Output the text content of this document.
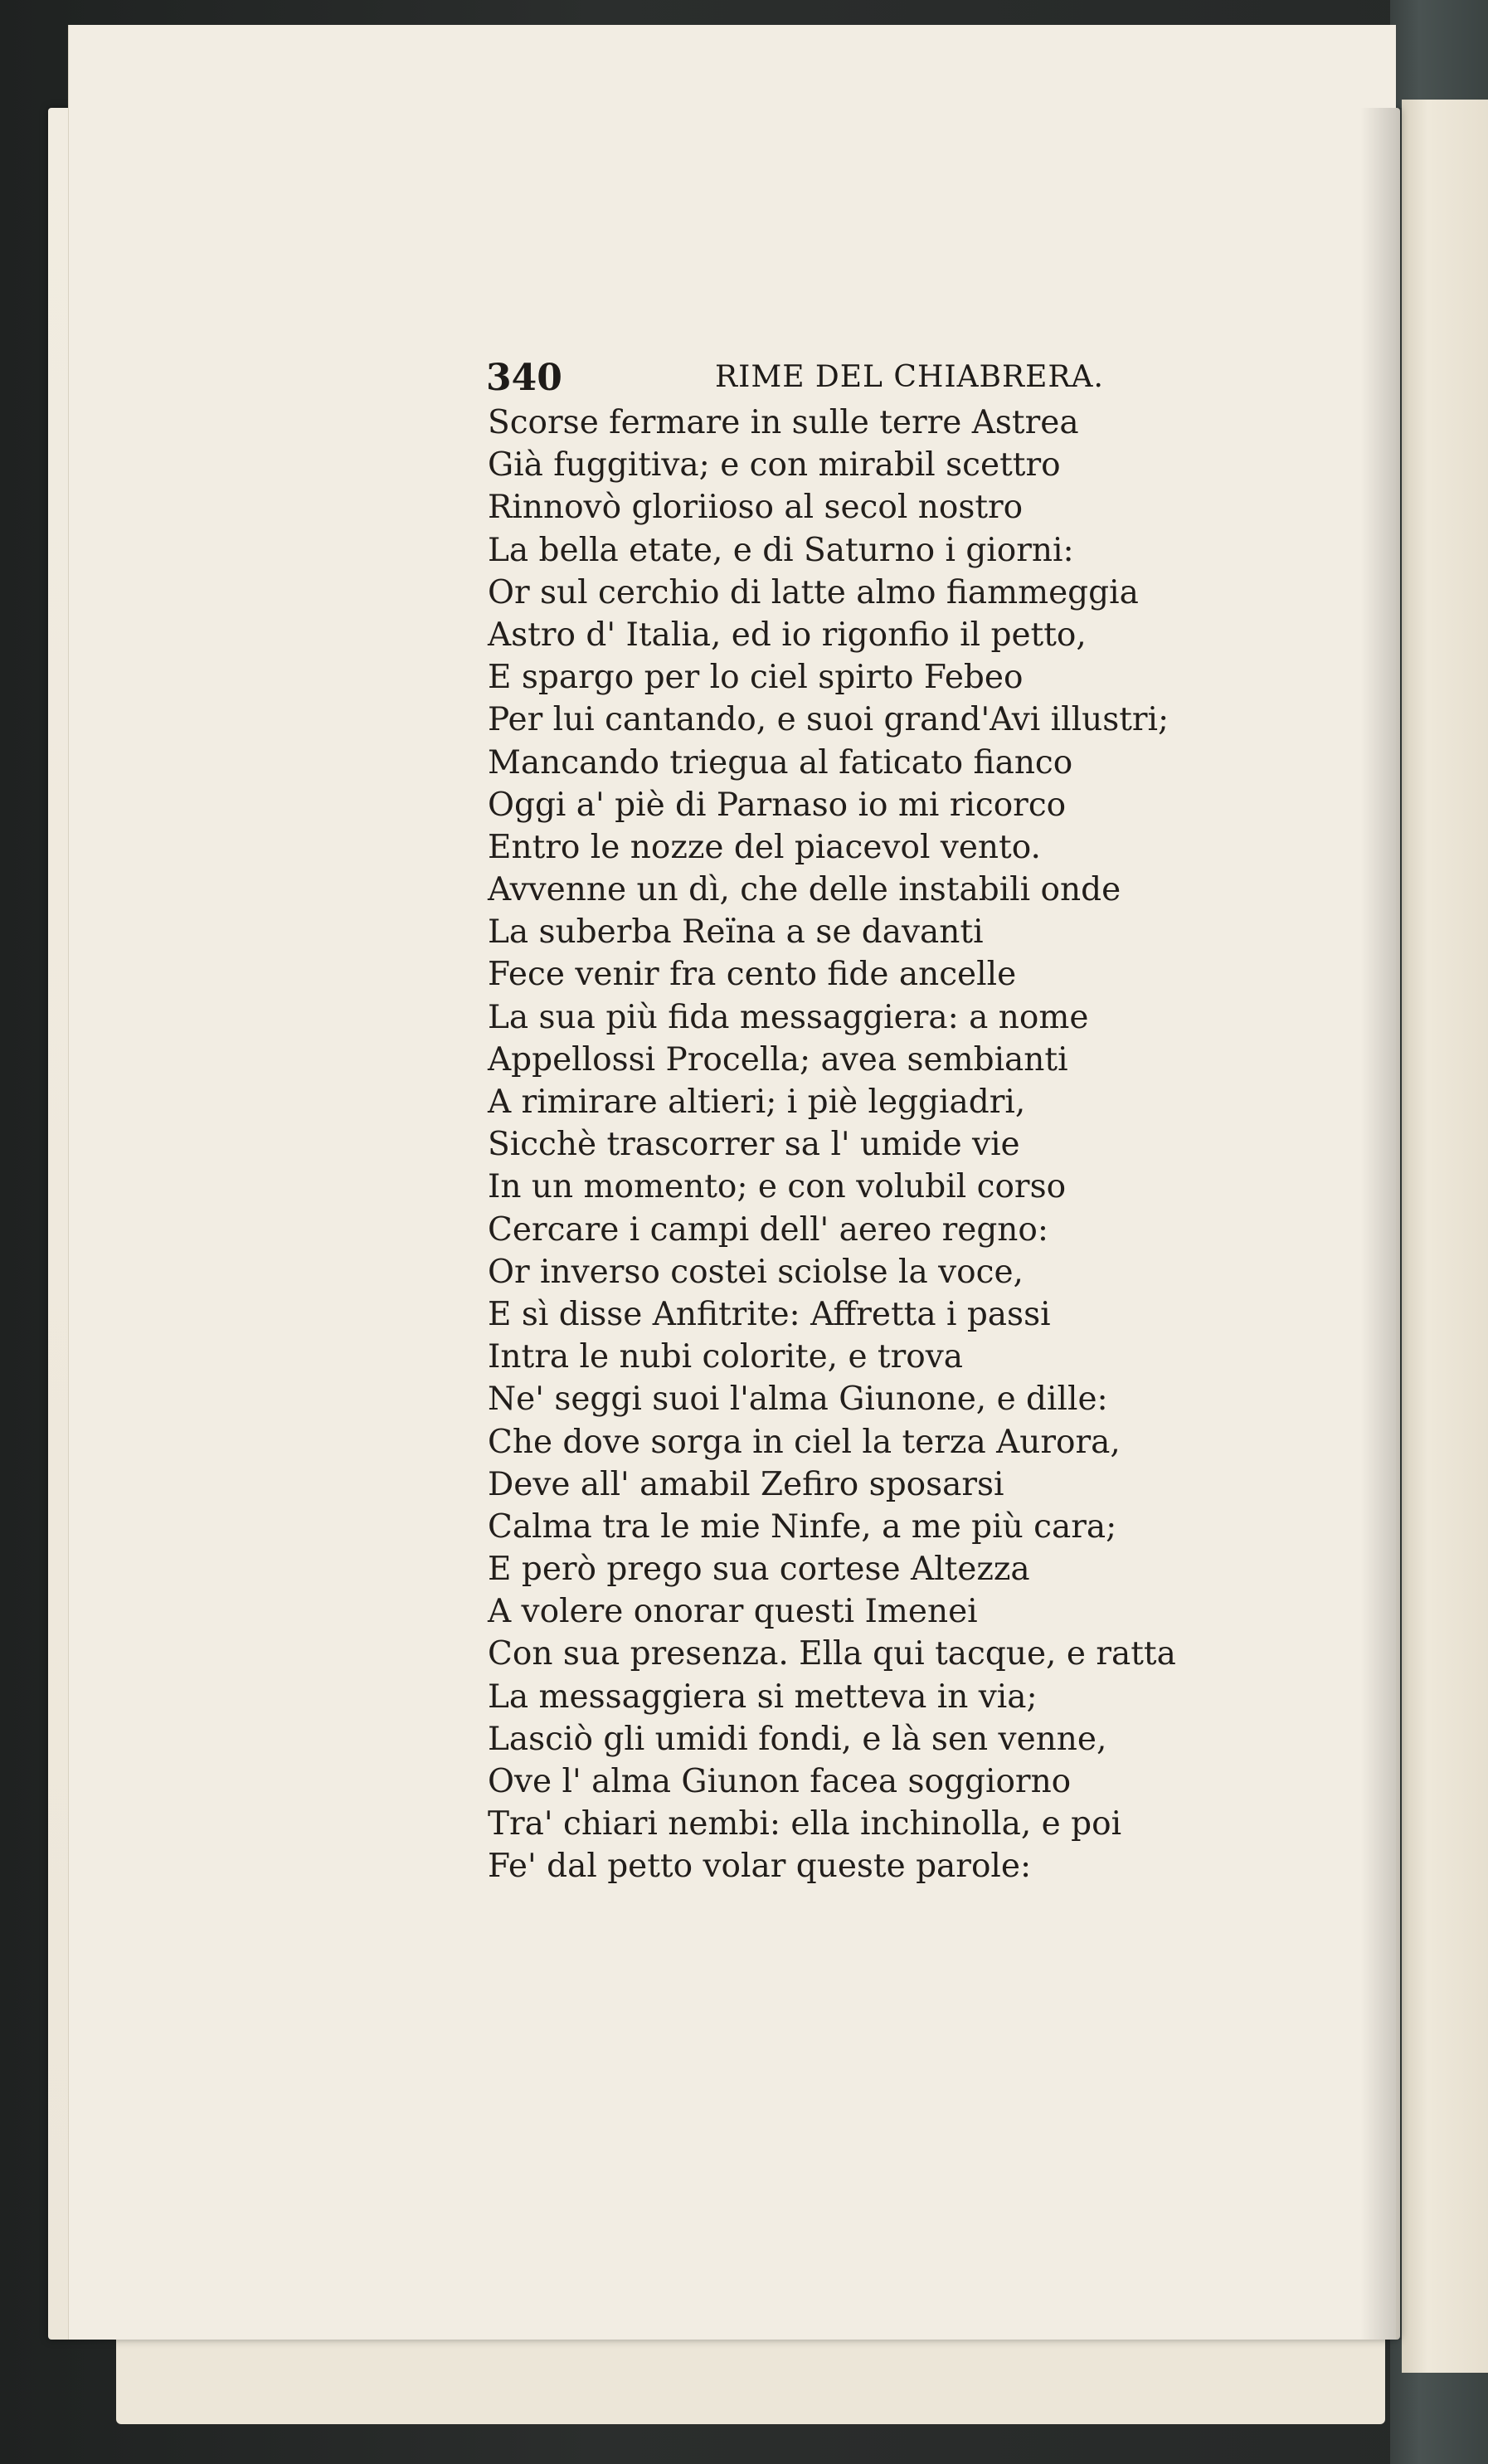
340	RIME DEL CHIABRERA.
Scorse fermare in sulle terre Astrea
Già fuggitiva; e con mirabil scettro
Rinnovò gloriioso al secol nostro
La bella etate, e di Saturno i giorni:
Or sul cerchio di latte almo fiammeggia
Astro d' Italia, ed io rigonfio il petto,
E spargo per lo ciel spirto Febeo
Per lui cantando, e suoi grand'Avi illustri;
Mancando triegua al faticato fianco
Oggi a' piè di Parnaso io mi ricorco
Entro le nozze del piacevol vento.
Avvenne un dì, che delle instabili onde
La suberba Reïna a se davanti
Fece venir fra cento fide ancelle
La sua più fida messaggiera: a nome
Appellossi Procella; avea sembianti
A rimirare altieri; i piè leggiadri,
Sicchè trascorrer sa l' umide vie
In un momento; e con volubil corso
Cercare i campi dell' aereo regno:
Or inverso costei sciolse la voce,
E sì disse Anfitrite: Affretta i passi
Intra le nubi colorite, e trova
Ne' seggi suoi l'alma Giunone, e dille:
Che dove sorga in ciel la terza Aurora,
Deve all' amabil Zefiro sposarsi
Calma tra le mie Ninfe, a me più cara;
E però prego sua cortese Altezza
A volere onorar questi Imenei
Con sua presenza. Ella qui tacque, e ratta
La messaggiera si metteva in via;
Lasciò gli umidi fondi, e là sen venne,
Ove l' alma Giunon facea soggiorno
Tra' chiari nembi: ella inchinolla, e poi
Fe' dal petto volar queste parole:
